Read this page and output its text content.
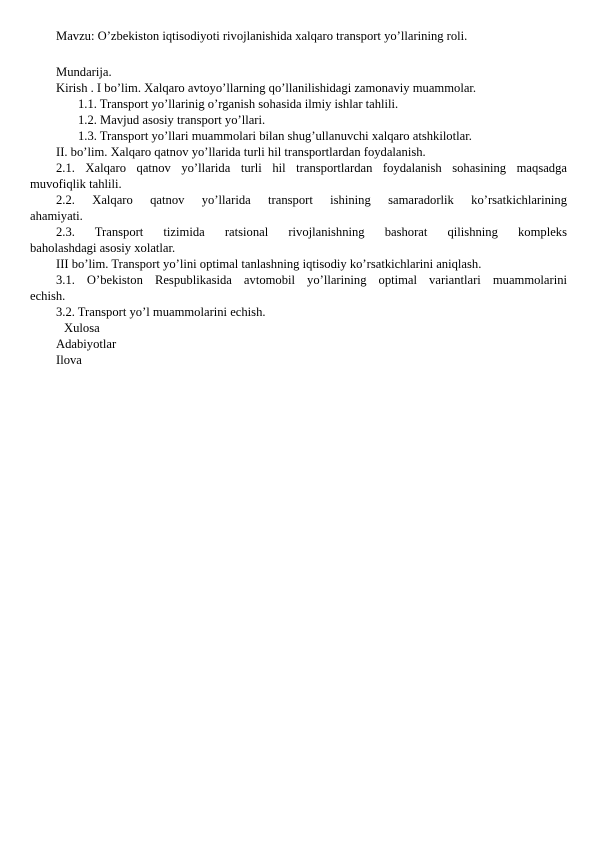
Mavzu: O’zbekiston iqtisodiyoti rivojlanishida xalqaro transport yo’llarining roli.
Mundarija.
Kirish . I bo’lim. Xalqaro avtoyo’llarning qo’llanilishidagi zamonaviy muammolar.
1.1. Transport yo’llarinig o’rganish sohasida ilmiy ishlar tahlili.
1.2. Mavjud asosiy transport yo’llari.
1.3. Transport yo’llari muammolari bilan shug’ullanuvchi xalqaro atshkilotlar.
II. bo’lim. Xalqaro qatnov yo’llarida turli hil transportlardan foydalanish.
2.1. Xalqaro qatnov yo’llarida turli hil transportlardan foydalanish sohasining maqsadga
muvofiqlik tahlili.
2.2. Xalqaro qatnov yo’llarida transport ishining samaradorlik ko’rsatkichlarining
ahamiyati.
2.3. Transport tizimida ratsional rivojlanishning bashorat qilishning kompleks
baholashdagi asosiy xolatlar.
III bo’lim. Transport yo’lini optimal tanlashning iqtisodiy ko’rsatkichlarini aniqlash.
3.1. O’bekiston Respublikasida avtomobil yo’llarining optimal variantlari muammolarini
echish.
3.2. Transport yo’l muammolarini echish.
Xulosa
Adabiyotlar
Ilova
